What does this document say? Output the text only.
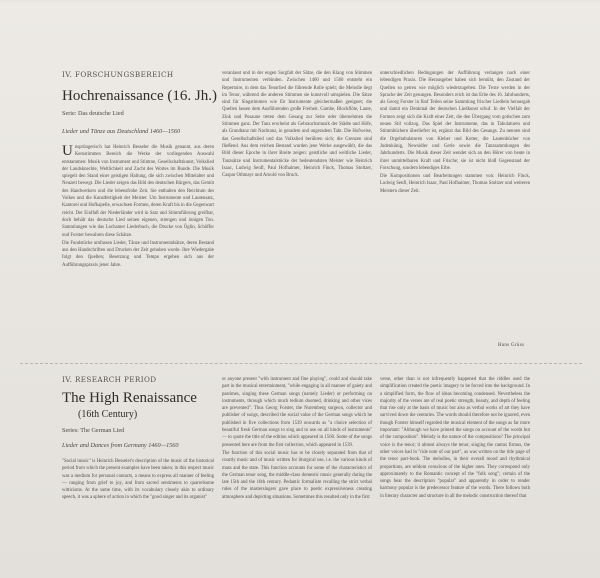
IV. FORSCHUNGSBEREICH
Hochrenaissance (16. Jh.)
Serie: Das deutsche Lied
Lieder und Tänze aus Deutschland 1460—1560

Unsprüngerisch hat Heinrich Besseler die Musik genannt, aus deren Kernstimmen Bereich die Werke der vorliegenden Auswahl entstammen: Musik von Instrument und Stimme, Gesellschaftskunst, Volkslied der Landsknechte, Weltlichkeit und Zucht des Wortes im Bunde. Die Musik spiegelt den Stand einer geistigen Haltung, die sich zwischen Mittelalter und Neuzeit bewegt. Die Lieder zeigen das Bild des deutschen Bürgers, das Gemüt des Handwerkers und die lebensfrohe Zeit. Sie enthalten den Reichtum des Volkes und die Kunstfertigkeit der Meister. Um Instrumente und Lautensatz, Kantorei und Hofkapelle, erwachsen Formen, deren Kraft bis in die Gegenwart reicht. Der Einfluß der Niederländer wird in Satz und Stimmführung greifbar, doch behält das deutsche Lied seinen eigenen, strengen und innigen Ton. Sammlungen wie das Lochamer Liederbuch, die Drucke von Öglin, Schöffer und Forster bewahren diese Schätze.

Die Fundstücke umfassen Lieder, Tänze und Instrumentalsätze, deren Bestand aus den Handschriften und Drucken der Zeit gehoben wurde. Ihre Wiedergabe folgt den Quellen; Besetzung und Tempo ergeben sich aus der Aufführungspraxis jener Jahre.

veranlasst und in der engen Sorgfalt der Sätze, die den Klang von Stimmen und Instrumenten verbinden. Zwischen 1460 und 1560 entsteht ein Repertoire, in dem das Tenorlied die führende Rolle spielt; die Melodie liegt im Tenor, während die anderen Stimmen sie kunstvoll umspielen. Die Sätze sind für Singstimmen wie für Instrumente gleichermaßen geeignet; die Quellen lassen dem Ausführenden große Freiheit. Gambe, Blockflöte, Laute, Zink und Posaune treten dem Gesang zur Seite oder übernehmen die Stimmen ganz. Der Tanz erscheint als Gebrauchsmusik der Städte und Höfe, als Grundtanz mit Nachtanz, in geradem und ungeradem Takt. Die Hofweise, das Gesellschaftslied und das Volkslied berühren sich; die Grenzen sind fließend. Aus dem reichen Bestand wurden jene Werke ausgewählt, die das Bild dieser Epoche in ihrer Breite zeigen: geistliche und weltliche Lieder, Tanzsätze und Instrumentalstücke der bedeutendsten Meister wie Heinrich Isaac, Ludwig Senfl, Paul Hofhaimer, Heinrich Finck, Thomas Stoltzer, Caspar Othmayr und Arnold von Bruck.

unterschiedlichen Bedingungen der Aufführung verlangen nach einer lebendigen Praxis. Die Herausgeber haben sich bemüht, den Zustand der Quellen so getreu wie möglich wiederzugeben. Die Texte werden in der Sprache der Zeit gesungen. Besonders reich ist das Erbe des 16. Jahrhunderts, als Georg Forster in fünf Teilen seine Sammlung frischer Liedlein herausgab und damit ein Denkmal der deutschen Liedkunst schuf. In der Vielfalt der Formen zeigt sich die Kraft einer Zeit, die den Übergang vom gotischen zum neuen Stil vollzog. Das Spiel der Instrumente, das in Tabulaturen und Stimmbüchern überliefert ist, ergänzt das Bild des Gesangs. Zu nennen sind die Orgeltabulaturen von Kleber und Kotter, die Lautenbücher von Judenkünig, Newsidler und Gerle sowie die Tanzsammlungen des Jahrhunderts. Die Musik dieser Zeit wendet sich an den Hörer von heute in ihrer unmittelbaren Kraft und Frische; sie ist nicht bloß Gegenstand der Forschung, sondern lebendiges Erbe.

Die Kompositionen und Bearbeitungen stammen von: Heinrich Finck, Ludwig Senfl, Heinrich Isaac, Paul Hofhaimer, Thomas Stoltzer und weiteren Meistern dieser Zeit.

Hans Grüss
IV. RESEARCH PERIOD
The High Renaissance
(16th Century)
Series: The German Lied
Lieder and Dances from Germany 1460—1560

"Social music" is Heinrich Besseler's description of the music of the historical period from which the present examples have been taken; in this respect music was a medium for personal contacts, a means to express all manner of feeling — ranging from grief to joy, and from sacred sentiments to quarrelsome witticisms. At the same time, with its vocabulary closely akin to ordinary speech, it was a sphere of action in which the "good singer and its organist"

or anyone present "with instrument and fine playing", could and should take part in the musical entertainment, "while engaging in all manner of gaiety and pastimes, singing these German songs (namely Lieder) or performing on instruments, through which much tedium doomed, drinking and other vices are prevented". Thus Georg Forster, the Nuremberg surgeon, collector and publisher of songs, described the social value of the German songs which he published in five collections from 1539 onwards as "a choice selection of beautiful fresh German songs to sing and to use on all kinds of instruments" — to quote the title of the edition which appeared in 1560. Some of the songs presented here are from the first collection, which appeared in 1539.

The function of this social music has to be closely separated from that of courtly music and of music written for liturgical use, i.e. the various kinds of mass and the state. This function accounts for some of the characteristics of the German tenor song, the middle-class domestic music generally during the late 15th and the 16th century. Pedantic formalism recalling the strict verbal rules of the mastersingers gave place to poetic expressiveness creating atmosphere and depicting situations. Sometimes this resulted only in the first

verse, other than is not infrequently happened that the riddles used the simplification created the poetic imagery to be forced into the background. In a simplified form, the flow of ideas becoming condensed. Nevertheless the majority of the verses are of real poetic strength, beauty, and depth of feeling that rise only at the basis of music but also as verbal works of art they have survived down the centuries. The words should therefore not be ignored, even though Forster himself regarded the musical element of the songs as far more important: "Although we have printed the songs on account of the words but of the composition". Melody is the nature of the compositions? The principal voice is the tenor; it almost always the tenor, singing the cantus firmus, the other voices had in "ride note of our part", as was written on the title page of the tenor part-book. The melodies, in their overall mood and rhythmical proportions, are seldom conscious of the higher ones. They correspond only approximately to the Romantic concept of the "folk song"; certain of the songs bear the description "popular" and apparently in order to render harmony popular is the predecessor feature of the words. There follows both in literary character and structure in all the melodic construction thereof that
